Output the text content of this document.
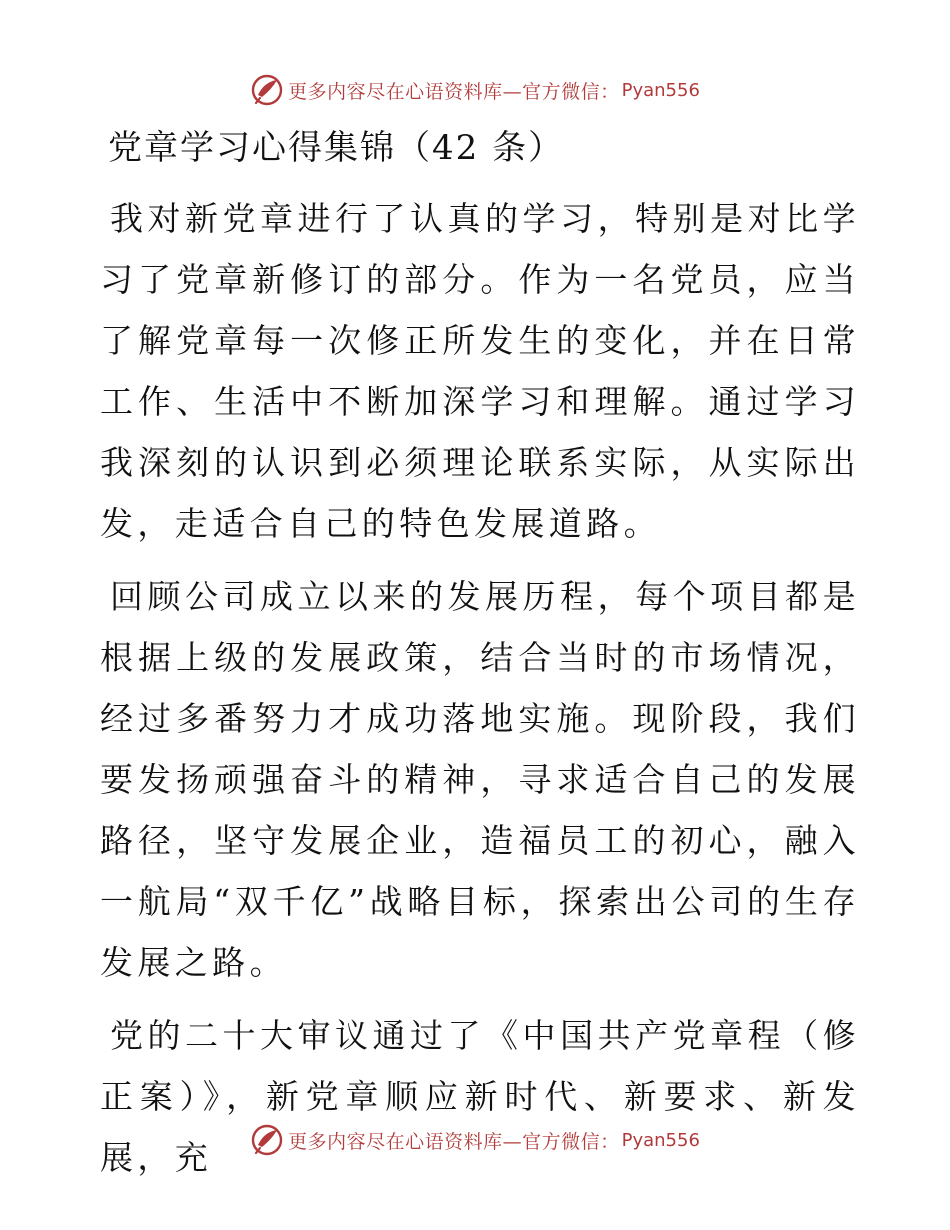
更多内容尽在心语资料库—官方微信： Pyan556
党章学习心得集锦（42 条）

我对新党章进行了认真的学习，特别是对比学习了党章新修订的部分。作为一名党员，应当了解党章每一次修正所发生的变化，并在日常工作、生活中不断加深学习和理解。通过学习我深刻的认识到必须理论联系实际，从实际出发，走适合自己的特色发展道路。

回顾公司成立以来的发展历程，每个项目都是根据上级的发展政策，结合当时的市场情况，经过多番努力才成功落地实施。现阶段，我们要发扬顽强奋斗的精神，寻求适合自己的发展路径，坚守发展企业，造福员工的初心，融入一航局“双千亿”战略目标，探索出公司的生存发展之路。

党的二十大审议通过了《中国共产党章程（修正案）》，新党章顺应新时代、新要求、新发展，充	更多内容尽在心语资料库—官方微信： Pyan556
